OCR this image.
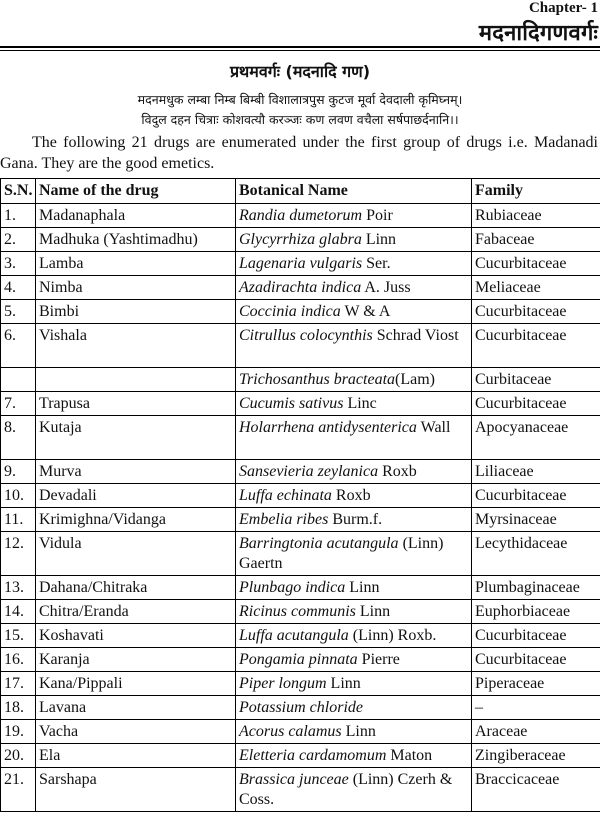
Chapter- 1
मदनादिगणवर्गः
प्रथमवर्गः (मदनादि गण)
मदनमधुक लम्बा निम्ब बिम्बी विशालात्रपुस कुटज मूर्वा देवदाली कृमिघ्नम्।
विदुल दहन चित्राः कोशवत्यौ करञ्जः कण लवण वचैला सर्षपाछर्दनानि।।
The following 21 drugs are enumerated under the first group of drugs i.e. Madanadi Gana. They are the good emetics.
S.N.	Name of the drug	Botanical Name	Family
1.	Madanaphala	Randia dumetorum Poir	Rubiaceae
2.	Madhuka (Yashtimadhu)	Glycyrrhiza glabra Linn	Fabaceae
3.	Lamba	Lagenaria vulgaris Ser.	Cucurbitaceae
4.	Nimba	Azadirachta indica A. Juss	Meliaceae
5.	Bimbi	Coccinia indica W & A	Cucurbitaceae
6.	Vishala	Citrullus colocynthis Schrad Viost	Cucurbitaceae
		Trichosanthus bracteata(Lam)	Curbitaceae
7.	Trapusa	Cucumis sativus Linc	Cucurbitaceae
8.	Kutaja	Holarrhena antidysenterica Wall	Apocyanaceae
9.	Murva	Sansevieria zeylanica Roxb	Liliaceae
10.	Devadali	Luffa echinata Roxb	Cucurbitaceae
11.	Krimighna/Vidanga	Embelia ribes Burm.f.	Myrsinaceae
12.	Vidula	Barringtonia acutangula (Linn) Gaertn	Lecythidaceae
13.	Dahana/Chitraka	Plunbago indica Linn	Plumbaginaceae
14.	Chitra/Eranda	Ricinus communis Linn	Euphorbiaceae
15.	Koshavati	Luffa acutangula (Linn) Roxb.	Cucurbitaceae
16.	Karanja	Pongamia pinnata Pierre	Cucurbitaceae
17.	Kana/Pippali	Piper longum Linn	Piperaceae
18.	Lavana	Potassium chloride	–
19.	Vacha	Acorus calamus Linn	Araceae
20.	Ela	Eletteria cardamomum Maton	Zingiberaceae
21.	Sarshapa	Brassica junceae (Linn) Czerh & Coss.	Braccicaceae
